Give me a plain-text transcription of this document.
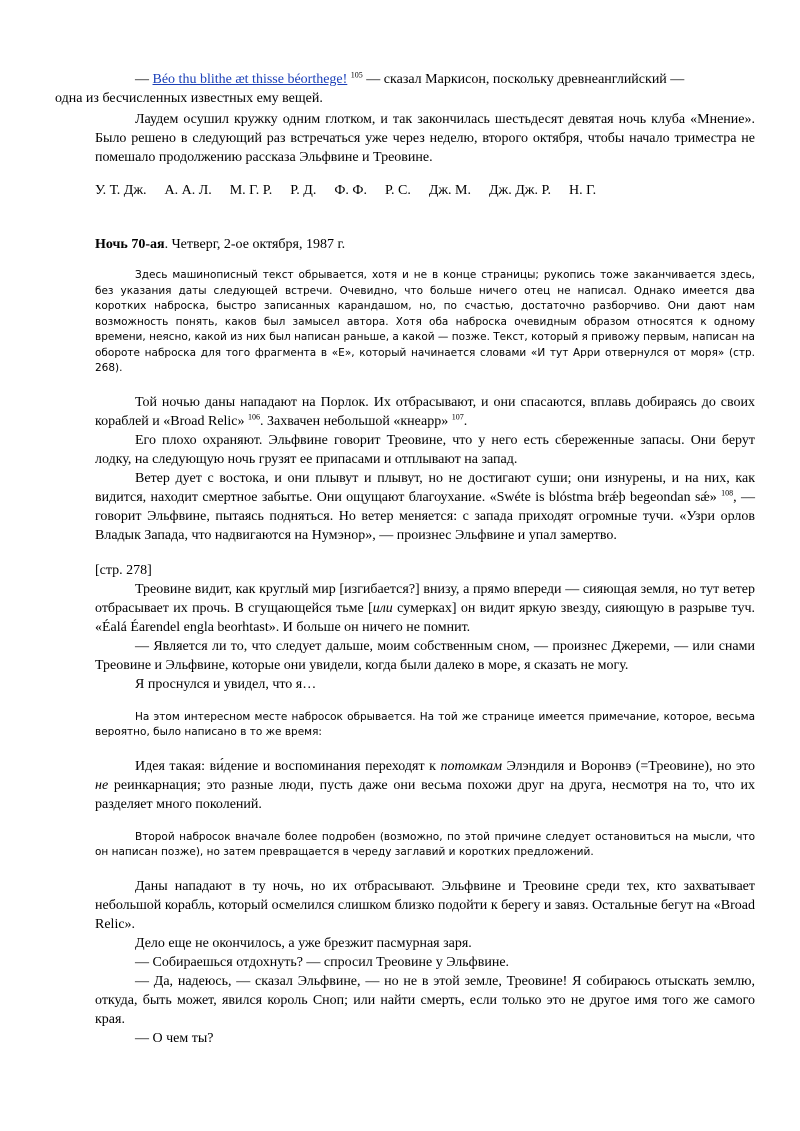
— Béo thu blithe æt thisse béorthege! $^{105}$ — сказал Маркисон, поскольку древнеанглийский —
одна из бесчисленных известных ему вещей.

Лаудем осушил кружку одним глотком, и так закончилась шестьдесят девятая ночь клуба «Мнение». Было решено в следующий раз встречаться уже через неделю, второго октября, чтобы начало триместра не помешало продолжению рассказа Эльфвине и Треовине.

У. Т. Дж. А. А. Л. М. Г. Р. Р. Д. Ф. Ф. Р. С. Дж. М. Дж. Дж. Р. Н. Г.

Ночь 70-ая. Четверг, 2-ое октября, 1987 г.

Здесь машинописный текст обрывается, хотя и не в конце страницы; рукопись тоже заканчивается здесь, без указания даты следующей встречи. Очевидно, что больше ничего отец не написал. Однако имеется два коротких наброска, быстро записанных карандашом, но, по счастью, достаточно разборчиво. Они дают нам возможность понять, каков был замысел автора. Хотя оба наброска очевидным образом относятся к одному времени, неясно, какой из них был написан раньше, а какой — позже. Текст, который я привожу первым, написан на обороте наброска для того фрагмента в «Е», который начинается словами «И тут Арри отвернулся от моря» (стр. 268).

Той ночью даны нападают на Порлок. Их отбрасывают, и они спасаются, вплавь добираясь до своих кораблей и «Broad Relic» $^{106}$. Захвачен небольшой «кнеарр» $^{107}$.

Его плохо охраняют. Эльфвине говорит Треовине, что у него есть сбереженные запасы. Они берут лодку, на следующую ночь грузят ее припасами и отплывают на запад.

Ветер дует с востока, и они плывут и плывут, но не достигают суши; они изнурены, и на них, как видится, находит смертное забытье. Они ощущают благоухание. «Swéte is blóstma brǽþ begeondan sǽ» $^{108}$, — говорит Эльфвине, пытаясь подняться. Но ветер меняется: с запада приходят огромные тучи. «Узри орлов Владык Запада, что надвигаются на Нумэнор», — произнес Эльфвине и упал замертво.

[стр. 278]

Треовине видит, как круглый мир [изгибается?] внизу, а прямо впереди — сияющая земля, но тут ветер отбрасывает их прочь. В сгущающейся тьме [или сумерках] он видит яркую звезду, сияющую в разрыве туч. «Éalá Éarendel engla beorhtast». И больше он ничего не помнит.

— Является ли то, что следует дальше, моим собственным сном, — произнес Джереми, — или снами Треовине и Эльфвине, которые они увидели, когда были далеко в море, я сказать не могу.

Я проснулся и увидел, что я…

На этом интересном месте набросок обрывается. На той же странице имеется примечание, которое, весьма вероятно, было написано в то же время:

Идея такая: ви́дение и воспоминания переходят к потомкам Элэндиля и Воронвэ (=Треовине), но это не реинкарнация; это разные люди, пусть даже они весьма похожи друг на друга, несмотря на то, что их разделяет много поколений.

Второй набросок вначале более подробен (возможно, по этой причине следует остановиться на мысли, что он написан позже), но затем превращается в череду заглавий и коротких предложений.

Даны нападают в ту ночь, но их отбрасывают. Эльфвине и Треовине среди тех, кто захватывает небольшой корабль, который осмелился слишком близко подойти к берегу и завяз. Остальные бегут на «Broad Relic».

Дело еще не окончилось, а уже брезжит пасмурная заря.

— Собираешься отдохнуть? — спросил Треовине у Эльфвине.

— Да, надеюсь, — сказал Эльфвине, — но не в этой земле, Треовине! Я собираюсь отыскать землю, откуда, быть может, явился король Сноп; или найти смерть, если только это не другое имя того же самого края.

— О чем ты?
